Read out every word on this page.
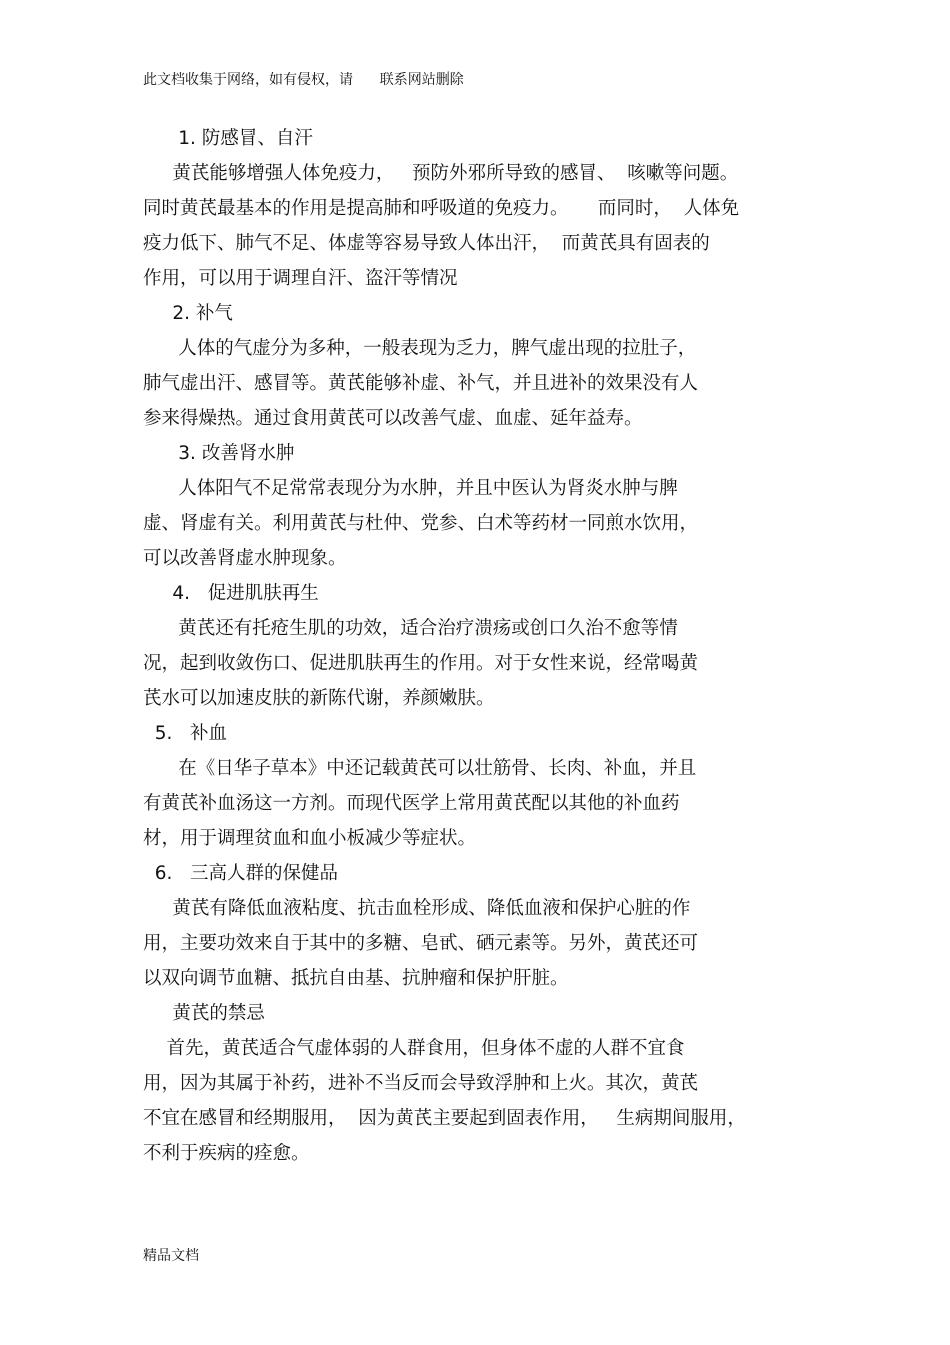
此文档收集于网络，如有侵权，请      联系网站删除
1. 防感冒、自汗
黄芪能够增强人体免疫力，   预防外邪所导致的感冒、  咳嗽等问题。
同时黄芪最基本的作用是提高肺和呼吸道的免疫力。     而同时，  人体免
疫力低下、肺气不足、体虚等容易导致人体出汗，  而黄芪具有固表的
作用，可以用于调理自汗、盗汗等情况
2. 补气
人体的气虚分为多种，一般表现为乏力，脾气虚出现的拉肚子，
肺气虚出汗、感冒等。黄芪能够补虚、补气，并且进补的效果没有人
参来得燥热。通过食用黄芪可以改善气虚、血虚、延年益寿。
3. 改善肾水肿
人体阳气不足常常表现分为水肿，并且中医认为肾炎水肿与脾
虚、肾虚有关。利用黄芪与杜仲、党参、白术等药材一同煎水饮用，
可以改善肾虚水肿现象。
4.   促进肌肤再生
黄芪还有托疮生肌的功效，适合治疗溃疡或创口久治不愈等情
况，起到收敛伤口、促进肌肤再生的作用。对于女性来说，经常喝黄
芪水可以加速皮肤的新陈代谢，养颜嫩肤。
5.   补血
在《日华子草本》中还记载黄芪可以壮筋骨、长肉、补血，并且
有黄芪补血汤这一方剂。而现代医学上常用黄芪配以其他的补血药
材，用于调理贫血和血小板减少等症状。
6.   三高人群的保健品
黄芪有降低血液粘度、抗击血栓形成、降低血液和保护心脏的作
用，主要功效来自于其中的多糖、皂甙、硒元素等。另外，黄芪还可
以双向调节血糖、抵抗自由基、抗肿瘤和保护肝脏。
黄芪的禁忌
首先，黄芪适合气虚体弱的人群食用，但身体不虚的人群不宜食
用，因为其属于补药，进补不当反而会导致浮肿和上火。其次，黄芪
不宜在感冒和经期服用，  因为黄芪主要起到固表作用，   生病期间服用，
不利于疾病的痊愈。
精品文档
